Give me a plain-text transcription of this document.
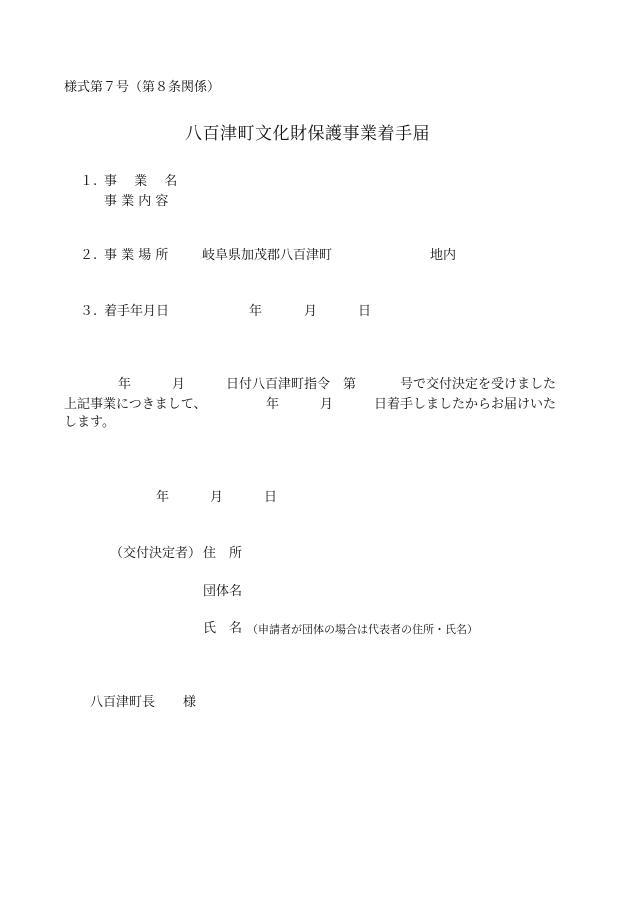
様式第７号（第８条関係）
八百津町文化財保護事業着手届
１. 事　 業　 名
事 業 内 容
２. 事 業 場 所	岐阜県加茂郡八百津町	地内
３. 着手年月日	年	月	日
年	月	日付八百津町指令　第	号で交付決定を受けました
上記事業につきまして、	年	月	日着手しましたからお届けいた
します。
年	月	日
（交付決定者） 住　所
団体名
氏　名 （申請者が団体の場合は代表者の住所・氏名）
八百津町長 様
